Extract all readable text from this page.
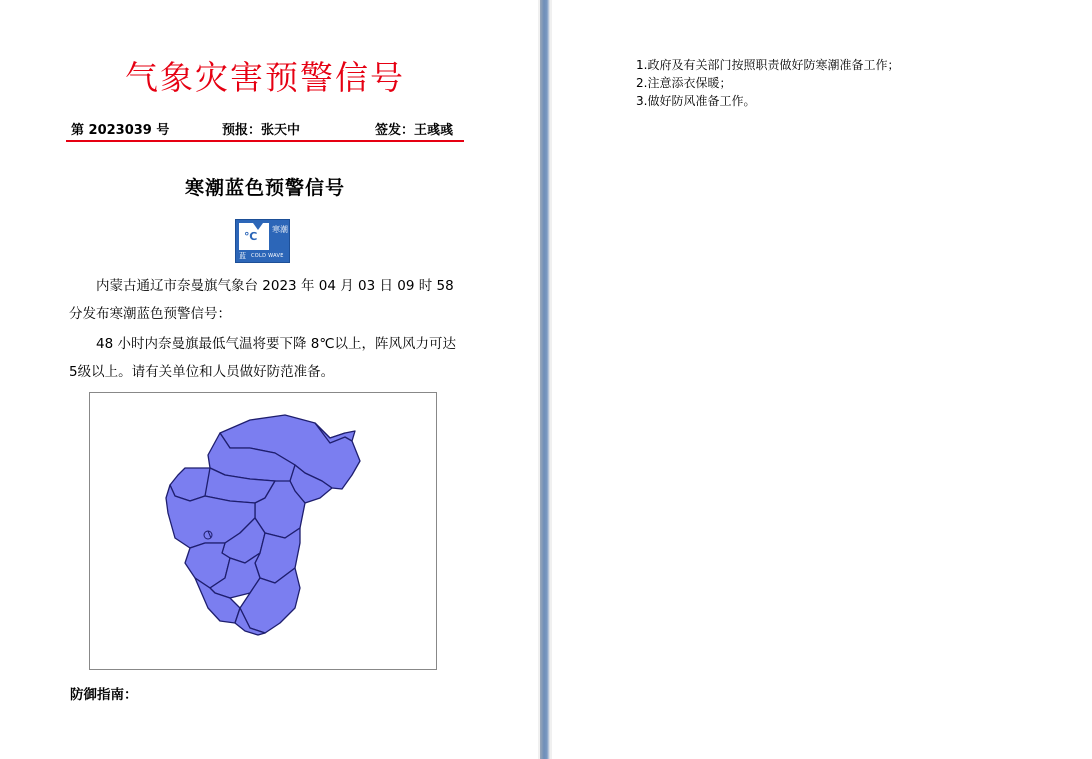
气象灾害预警信号
第 2023039 号	预报：张天中	签发：王彧彧
寒潮蓝色预警信号
℃
寒潮
蓝 COLD WAVE
内蒙古通辽市奈曼旗气象台 2023 年 04 月 03 日 09 时 58 分发布寒潮蓝色预警信号：
48 小时内奈曼旗最低气温将要下降 8℃以上，阵风风力可达 5级以上。请有关单位和人员做好防范准备。
防御指南：
1.政府及有关部门按照职责做好防寒潮准备工作；
2.注意添衣保暖；
3.做好防风准备工作。
